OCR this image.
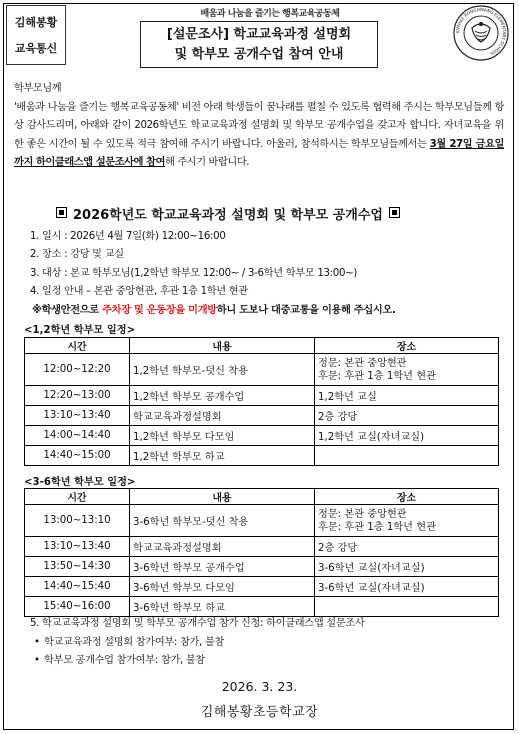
김해봉황
교육통신
배움과 나눔을 즐기는 행복교육공동체
[설문조사] 학교교육과정 설명회
및 학부모 공개수업 참여 안내
KIMHAE BONGHWANG ELEMENTARY SCHOOL
학부모님께
'배움과 나눔을 즐기는 행복교육공동체' 비전 아래 학생들이 꿈나래를 펼칠 수 있도록 협력해 주시는 학부모님들께 항상 감사드리며, 아래와 같이 2026학년도 학교교육과정 설명회 및 학부모 공개수업을 갖고자 합니다. 자녀교육을 위한 좋은 시간이 될 수 있도록 적극 참여해 주시기 바랍니다. 아울러, 참석하시는 학부모님들께서는 3월 27일 금요일까지 하이클래스앱 설문조사에 참여해 주시기 바랍니다.
2026학년도 학교교육과정 설명회 및 학부모 공개수업
1. 일시 : 2026년 4월 7일(화) 12:00~16:00
2. 장소 : 강당 및 교실
3. 대상 : 본교 학부모님(1,2학년 학부모 12:00~ / 3-6학년 학부모 13:00~)
4. 일정 안내 – 본관 중앙현관, 후관 1층 1학년 현관
※학생안전으로 주차장 및 운동장을 미개방하니 도보나 대중교통을 이용해 주십시오.
<1,2학년 학부모 일정>
시간	내용	장소
12:00~12:20	1,2학년 학부모-덧신 착용	정문: 본관 중앙현관
후문: 후관 1층 1학년 현관

12:20~13:00	1,2학년 학부모 공개수업	1,2학년 교실
13:10~13:40	학교교육과정설명회	2층 강당
14:00~14:40	1,2학년 학부모 다모임	1,2학년 교실(자녀교실)
14:40~15:00	1,2학년 학부모 하교	
<3-6학년 학부모 일정>
시간	내용	장소
13:00~13:10	3-6학년 학부모-덧신 착용	정문: 본관 중앙현관
후문: 후관 1층 1학년 현관

13:10~13:40	학교교육과정설명회	2층 강당
13:50~14:30	3-6학년 학부모 공개수업	3-6학년 교실(자녀교실)
14:40~15:40	3-6학년 학부모 다모임	3-6학년 교실(자녀교실)
15:40~16:00	3-6학년 학부모 하교	
5. 학교교육과정 설명회 및 학부모 공개수업 참가 신청: 하이클래스앱 설문조사
• 학교교육과정 설명회 참가여부: 참가, 불참
• 학부모 공개수업 참가여부: 참가, 불참
2026. 3. 23.
김해봉황초등학교장
